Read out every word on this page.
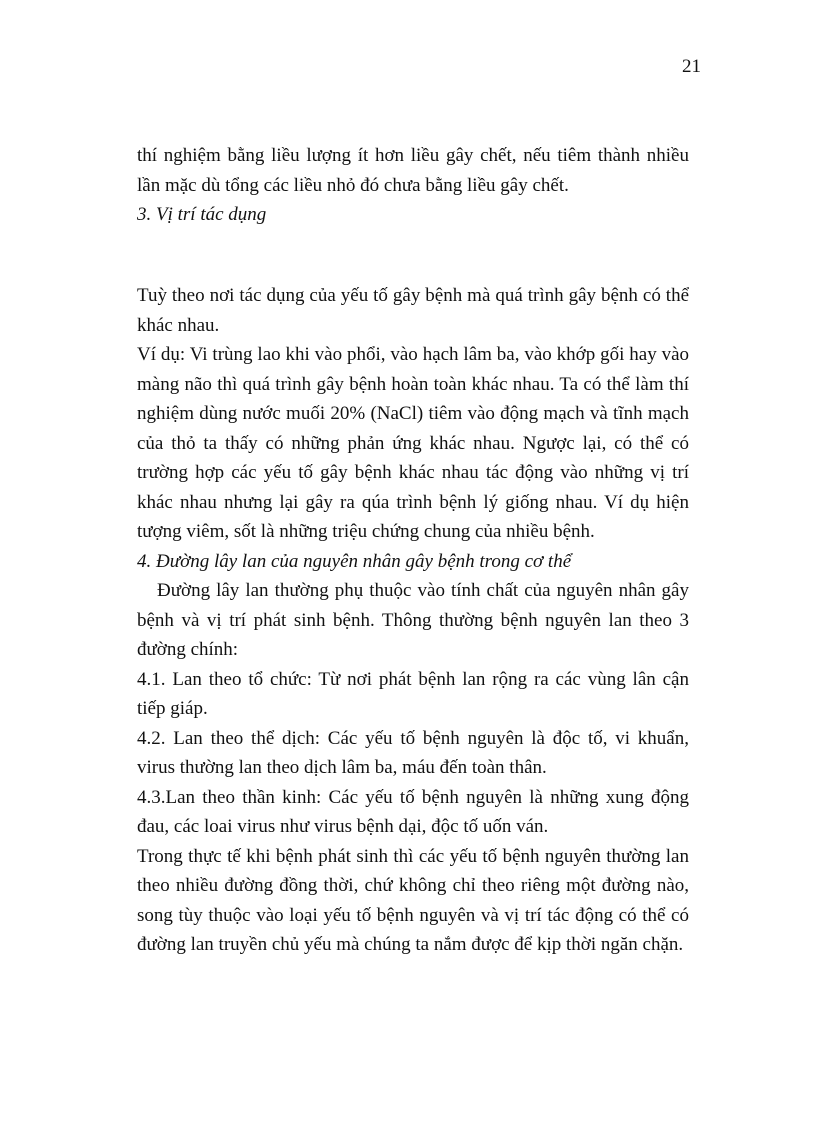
21

thí nghiệm bằng liều lượng ít hơn liều gây chết, nếu tiêm thành nhiều lần mặc dù tổng các liều nhỏ đó chưa bằng liều gây chết.

3. Vị trí tác dụng

Tuỳ theo nơi tác dụng của yếu tố gây bệnh mà quá trình gây bệnh có thể khác nhau.

Ví dụ: Vi trùng lao khi vào phổi, vào hạch lâm ba, vào khớp gối hay vào màng não thì quá trình gây bệnh hoàn toàn khác nhau. Ta có thể làm thí nghiệm dùng nước muối 20% (NaCl) tiêm vào động mạch và tĩnh mạch của thỏ ta thấy có những phản ứng khác nhau. Ngược lại, có thể có trường hợp các yếu tố gây bệnh khác nhau tác động vào những vị trí khác nhau nhưng lại gây ra qúa trình bệnh lý giống nhau. Ví dụ hiện tượng viêm, sốt là những triệu chứng chung của nhiều bệnh.

4. Đường lây lan của nguyên nhân gây bệnh trong cơ thể

Đường lây lan thường phụ thuộc vào tính chất của nguyên nhân gây bệnh và vị trí phát sinh bệnh. Thông thường bệnh nguyên lan theo 3 đường chính:

4.1. Lan theo tổ chức: Từ nơi phát bệnh lan rộng ra các vùng lân cận tiếp giáp.

4.2. Lan theo thể dịch: Các yếu tố bệnh nguyên là độc tố, vi khuẩn, virus thường lan theo dịch lâm ba, máu đến toàn thân.

4.3.Lan theo thần kinh: Các yếu tố bệnh nguyên là những xung động đau, các loai virus như virus bệnh dại, độc tố uốn ván.

Trong thực tế khi bệnh phát sinh thì các yếu tố bệnh nguyên thường lan theo nhiều đường đồng thời, chứ không chỉ theo riêng một đường nào, song tùy thuộc vào loại yếu tố bệnh nguyên và vị trí tác động có thể có đường lan truyền chủ yếu mà chúng ta nắm được để kịp thời ngăn chặn.
